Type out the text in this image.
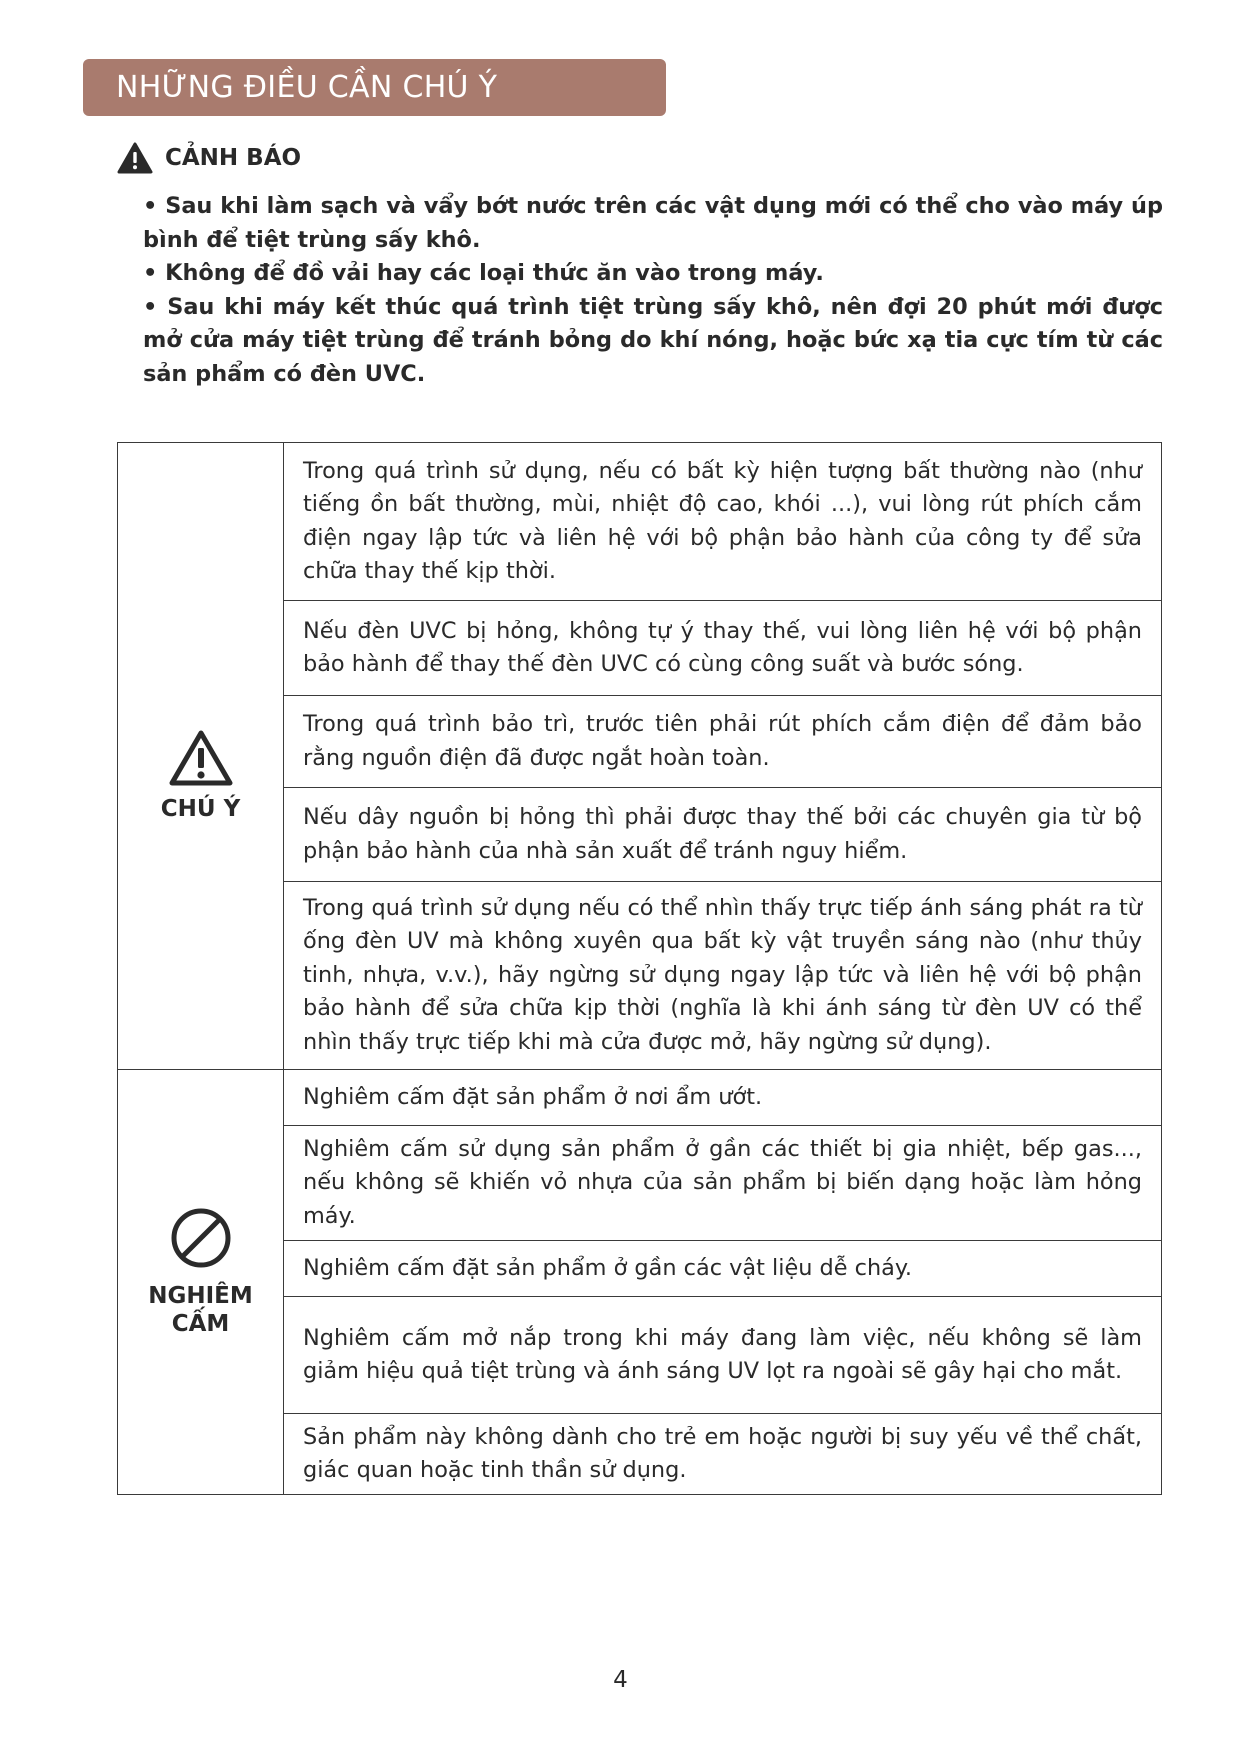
NHỮNG ĐIỀU CẦN CHÚ Ý
CẢNH BÁO

• Sau khi làm sạch và vẩy bớt nước trên các vật dụng mới có thể cho vào máy úp bình để tiệt trùng sấy khô.

• Không để đồ vải hay các loại thức ăn vào trong máy.

• Sau khi máy kết thúc quá trình tiệt trùng sấy khô, nên đợi 20 phút mới được mở cửa máy tiệt trùng để tránh bỏng do khí nóng, hoặc bức xạ tia cực tím từ các sản phẩm có đèn UVC.

CHÚ Ý
Trong quá trình sử dụng, nếu có bất kỳ hiện tượng bất thường nào (như tiếng ồn bất thường, mùi, nhiệt độ cao, khói ...), vui lòng rút phích cắm điện ngay lập tức và liên hệ với bộ phận bảo hành của công ty để sửa chữa thay thế kịp thời.
Nếu đèn UVC bị hỏng, không tự ý thay thế, vui lòng liên hệ với bộ phận bảo hành để thay thế đèn UVC có cùng công suất và bước sóng.
Trong quá trình bảo trì, trước tiên phải rút phích cắm điện để đảm bảo rằng nguồn điện đã được ngắt hoàn toàn.
Nếu dây nguồn bị hỏng thì phải được thay thế bởi các chuyên gia từ bộ phận bảo hành của nhà sản xuất để tránh nguy hiểm.
Trong quá trình sử dụng nếu có thể nhìn thấy trực tiếp ánh sáng phát ra từ ống đèn UV mà không xuyên qua bất kỳ vật truyền sáng nào (như thủy tinh, nhựa, v.v.), hãy ngừng sử dụng ngay lập tức và liên hệ với bộ phận bảo hành để sửa chữa kịp thời (nghĩa là khi ánh sáng từ đèn UV có thể nhìn thấy trực tiếp khi mà cửa được mở, hãy ngừng sử dụng).
NGHIÊM CẤM
Nghiêm cấm đặt sản phẩm ở nơi ẩm ướt.
Nghiêm cấm sử dụng sản phẩm ở gần các thiết bị gia nhiệt, bếp gas..., nếu không sẽ khiến vỏ nhựa của sản phẩm bị biến dạng hoặc làm hỏng máy.
Nghiêm cấm đặt sản phẩm ở gần các vật liệu dễ cháy.
Nghiêm cấm mở nắp trong khi máy đang làm việc, nếu không sẽ làm giảm hiệu quả tiệt trùng và ánh sáng UV lọt ra ngoài sẽ gây hại cho mắt.
Sản phẩm này không dành cho trẻ em hoặc người bị suy yếu về thể chất, giác quan hoặc tinh thần sử dụng.
4
